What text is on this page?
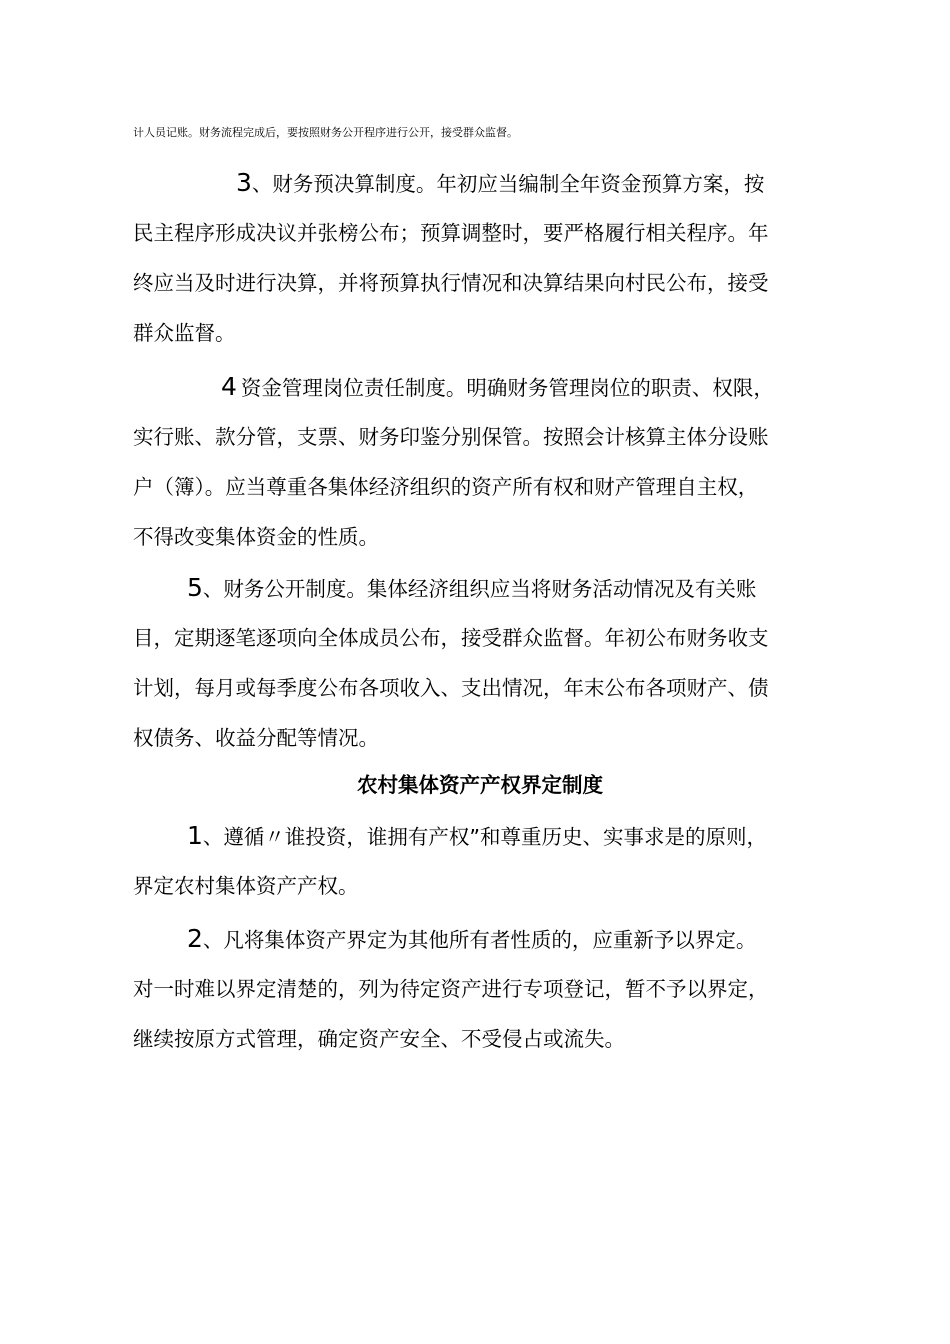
计人员记账。财务流程完成后，要按照财务公开程序进行公开，接受群众监督。
3、财务预决算制度。年初应当编制全年资金预算方案，按
民主程序形成决议并张榜公布；预算调整时，要严格履行相关程序。年
终应当及时进行决算，并将预算执行情况和决算结果向村民公布，接受
群众监督。
4 资金管理岗位责任制度。明确财务管理岗位的职责、权限，
实行账、款分管，支票、财务印鉴分别保管。按照会计核算主体分设账
户（簿）。应当尊重各集体经济组织的资产所有权和财产管理自主权，
不得改变集体资金的性质。
5、财务公开制度。集体经济组织应当将财务活动情况及有关账
目，定期逐笔逐项向全体成员公布，接受群众监督。年初公布财务收支
计划，每月或每季度公布各项收入、支出情况，年末公布各项财产、债
权债务、收益分配等情况。
农村集体资产产权界定制度
1、遵循〃谁投资，谁拥有产权”和尊重历史、实事求是的原则，
界定农村集体资产产权。
2、凡将集体资产界定为其他所有者性质的，应重新予以界定。
对一时难以界定清楚的，列为待定资产进行专项登记，暂不予以界定，
继续按原方式管理，确定资产安全、不受侵占或流失。
